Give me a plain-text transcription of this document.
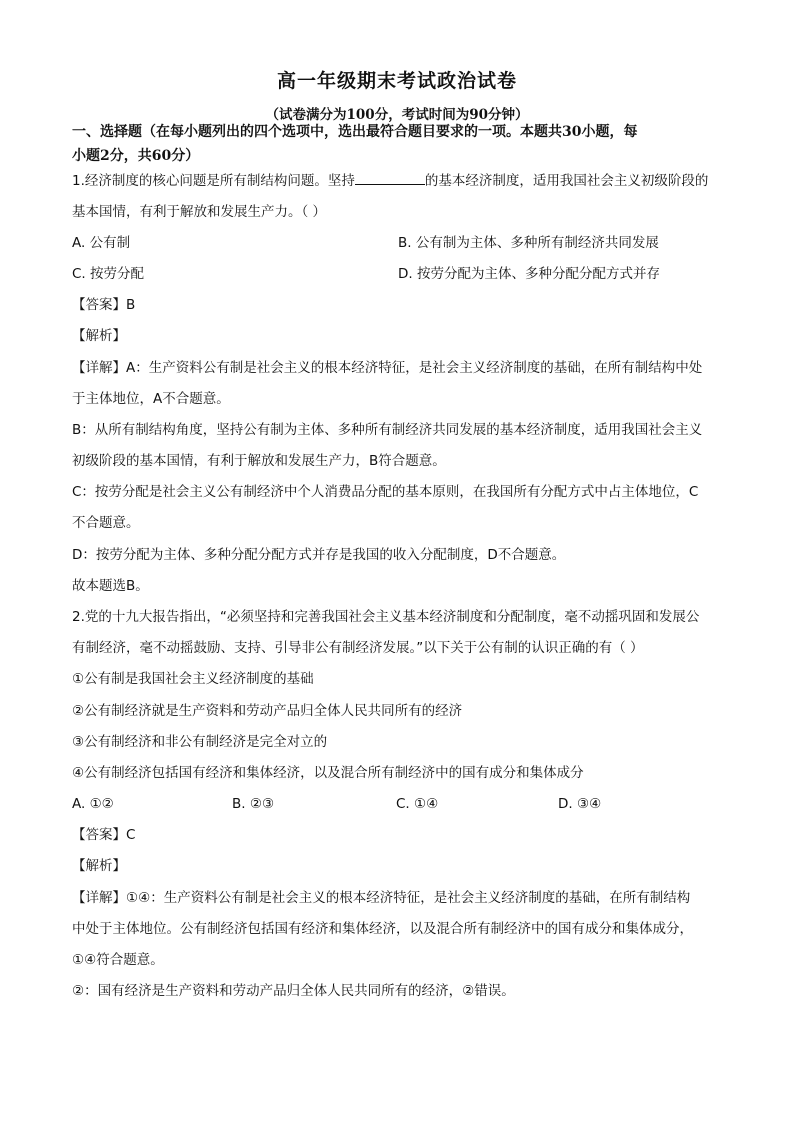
高一年级期末考试政治试卷
（试卷满分为100分，考试时间为90分钟）
一、选择题（在每小题列出的四个选项中，选出最符合题目要求的一项。本题共30小题，每
小题2分，共60分）
1.经济制度的核心问题是所有制结构问题。坚持	的基本经济制度，适用我国社会主义初级阶段的
基本国情，有利于解放和发展生产力。（ ）
A. 公有制	B. 公有制为主体、多种所有制经济共同发展
C. 按劳分配	D. 按劳分配为主体、多种分配分配方式并存
【答案】B
【解析】
【详解】A：生产资料公有制是社会主义的根本经济特征，是社会主义经济制度的基础，在所有制结构中处
于主体地位，A不合题意。
B：从所有制结构角度，坚持公有制为主体、多种所有制经济共同发展的基本经济制度，适用我国社会主义
初级阶段的基本国情，有利于解放和发展生产力，B符合题意。
C：按劳分配是社会主义公有制经济中个人消费品分配的基本原则，在我国所有分配方式中占主体地位，C
不合题意。
D：按劳分配为主体、多种分配分配方式并存是我国的收入分配制度，D不合题意。
故本题选B。
2.党的十九大报告指出，“必须坚持和完善我国社会主义基本经济制度和分配制度，毫不动摇巩固和发展公
有制经济，毫不动摇鼓励、支持、引导非公有制经济发展。”以下关于公有制的认识正确的有（ ）
①公有制是我国社会主义经济制度的基础
②公有制经济就是生产资料和劳动产品归全体人民共同所有的经济
③公有制经济和非公有制经济是完全对立的
④公有制经济包括国有经济和集体经济，以及混合所有制经济中的国有成分和集体成分
A. ①②	B. ②③	C. ①④	D. ③④
【答案】C
【解析】
【详解】①④：生产资料公有制是社会主义的根本经济特征，是社会主义经济制度的基础，在所有制结构
中处于主体地位。公有制经济包括国有经济和集体经济，以及混合所有制经济中的国有成分和集体成分，
①④符合题意。
②：国有经济是生产资料和劳动产品归全体人民共同所有的经济，②错误。
